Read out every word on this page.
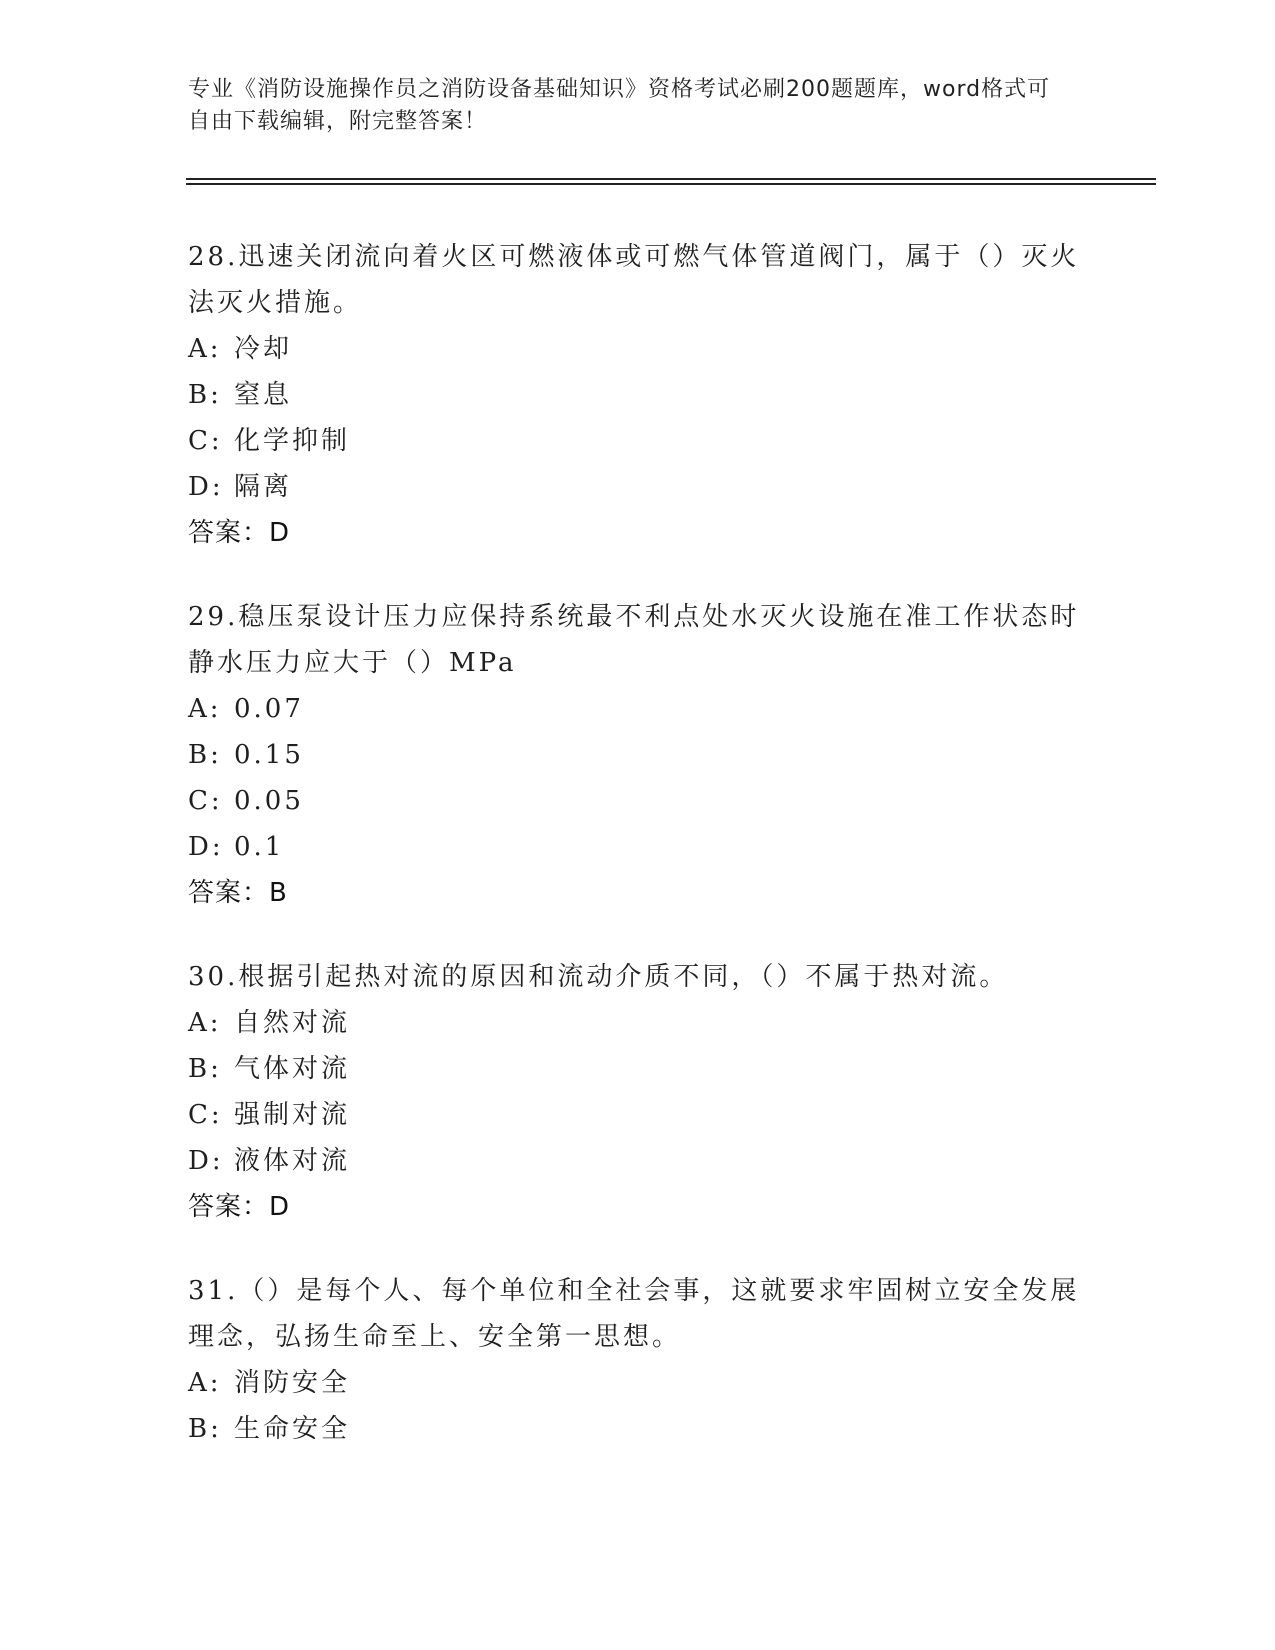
专业《消防设施操作员之消防设备基础知识》资格考试必刷200题题库，word格式可自由下载编辑，附完整答案！

28.迅速关闭流向着火区可燃液体或可燃气体管道阀门，属于（）灭火法灭火措施。

A: 冷却
B: 窒息
C: 化学抑制
D: 隔离
答案：D

29.稳压泵设计压力应保持系统最不利点处水灭火设施在准工作状态时静水压力应大于（）MPa

A: 0.07
B: 0.15
C: 0.05
D: 0.1
答案：B

30.根据引起热对流的原因和流动介质不同，（）不属于热对流。

A: 自然对流
B: 气体对流
C: 强制对流
D: 液体对流
答案：D

31.（）是每个人、每个单位和全社会事，这就要求牢固树立安全发展理念，弘扬生命至上、安全第一思想。

A: 消防安全
B: 生命安全
